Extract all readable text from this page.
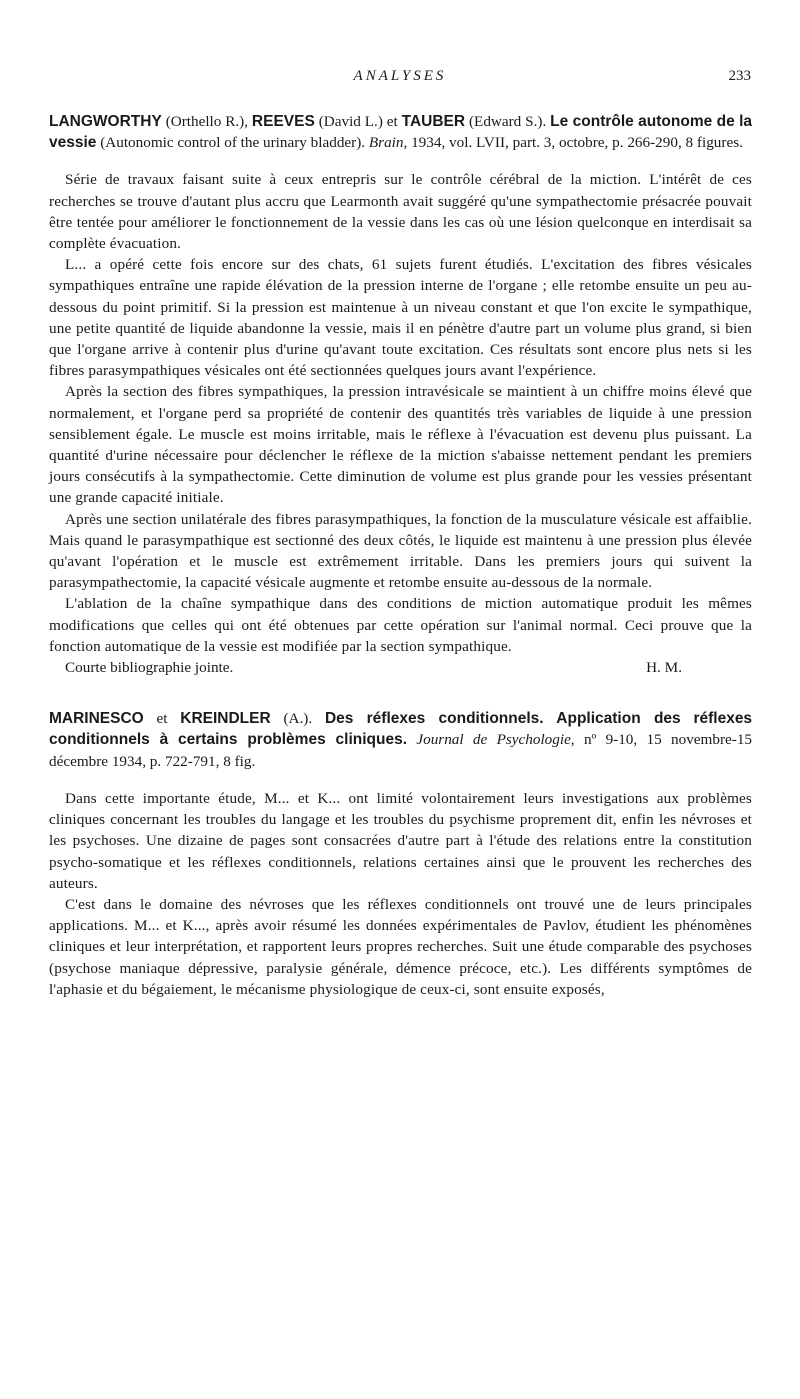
ANALYSES	233
LANGWORTHY (Orthello R.), REEVES (David L.) et TAUBER (Edward S.). Le contrôle autonome de la vessie (Autonomic control of the urinary bladder). Brain, 1934, vol. LVII, part. 3, octobre, p. 266-290, 8 figures.

Série de travaux faisant suite à ceux entrepris sur le contrôle cérébral de la miction. L'intérêt de ces recherches se trouve d'autant plus accru que Learmonth avait suggéré qu'une sympathectomie présacrée pouvait être tentée pour améliorer le fonctionnement de la vessie dans les cas où une lésion quelconque en interdisait sa complète évacuation.

L... a opéré cette fois encore sur des chats, 61 sujets furent étudiés. L'excitation des fibres vésicales sympathiques entraîne une rapide élévation de la pression interne de l'organe ; elle retombe ensuite un peu au-dessous du point primitif. Si la pression est maintenue à un niveau constant et que l'on excite le sympathique, une petite quantité de liquide abandonne la vessie, mais il en pénètre d'autre part un volume plus grand, si bien que l'organe arrive à contenir plus d'urine qu'avant toute excitation. Ces résultats sont encore plus nets si les fibres parasympathiques vésicales ont été sectionnées quelques jours avant l'expérience.

Après la section des fibres sympathiques, la pression intravésicale se maintient à un chiffre moins élevé que normalement, et l'organe perd sa propriété de contenir des quantités très variables de liquide à une pression sensiblement égale. Le muscle est moins irritable, mais le réflexe à l'évacuation est devenu plus puissant. La quantité d'urine nécessaire pour déclencher le réflexe de la miction s'abaisse nettement pendant les premiers jours consécutifs à la sympathectomie. Cette diminution de volume est plus grande pour les vessies présentant une grande capacité initiale.

Après une section unilatérale des fibres parasympathiques, la fonction de la musculature vésicale est affaiblie. Mais quand le parasympathique est sectionné des deux côtés, le liquide est maintenu à une pression plus élevée qu'avant l'opération et le muscle est extrêmement irritable. Dans les premiers jours qui suivent la parasympathectomie, la capacité vésicale augmente et retombe ensuite au-dessous de la normale.

L'ablation de la chaîne sympathique dans des conditions de miction automatique produit les mêmes modifications que celles qui ont été obtenues par cette opération sur l'animal normal. Ceci prouve que la fonction automatique de la vessie est modifiée par la section sympathique.

Courte bibliographie jointe.	H. M.
MARINESCO et KREINDLER (A.). Des réflexes conditionnels. Application des réflexes conditionnels à certains problèmes cliniques. Journal de Psychologie, nº 9-10, 15 novembre-15 décembre 1934, p. 722-791, 8 fig.

Dans cette importante étude, M... et K... ont limité volontairement leurs investigations aux problèmes cliniques concernant les troubles du langage et les troubles du psychisme proprement dit, enfin les névroses et les psychoses. Une dizaine de pages sont consacrées d'autre part à l'étude des relations entre la constitution psycho-somatique et les réflexes conditionnels, relations certaines ainsi que le prouvent les recherches des auteurs.

C'est dans le domaine des névroses que les réflexes conditionnels ont trouvé une de leurs principales applications. M... et K..., après avoir résumé les données expérimentales de Pavlov, étudient les phénomènes cliniques et leur interprétation, et rapportent leurs propres recherches. Suit une étude comparable des psychoses (psychose maniaque dépressive, paralysie générale, démence précoce, etc.). Les différents symptômes de l'aphasie et du bégaiement, le mécanisme physiologique de ceux-ci, sont ensuite exposés,
